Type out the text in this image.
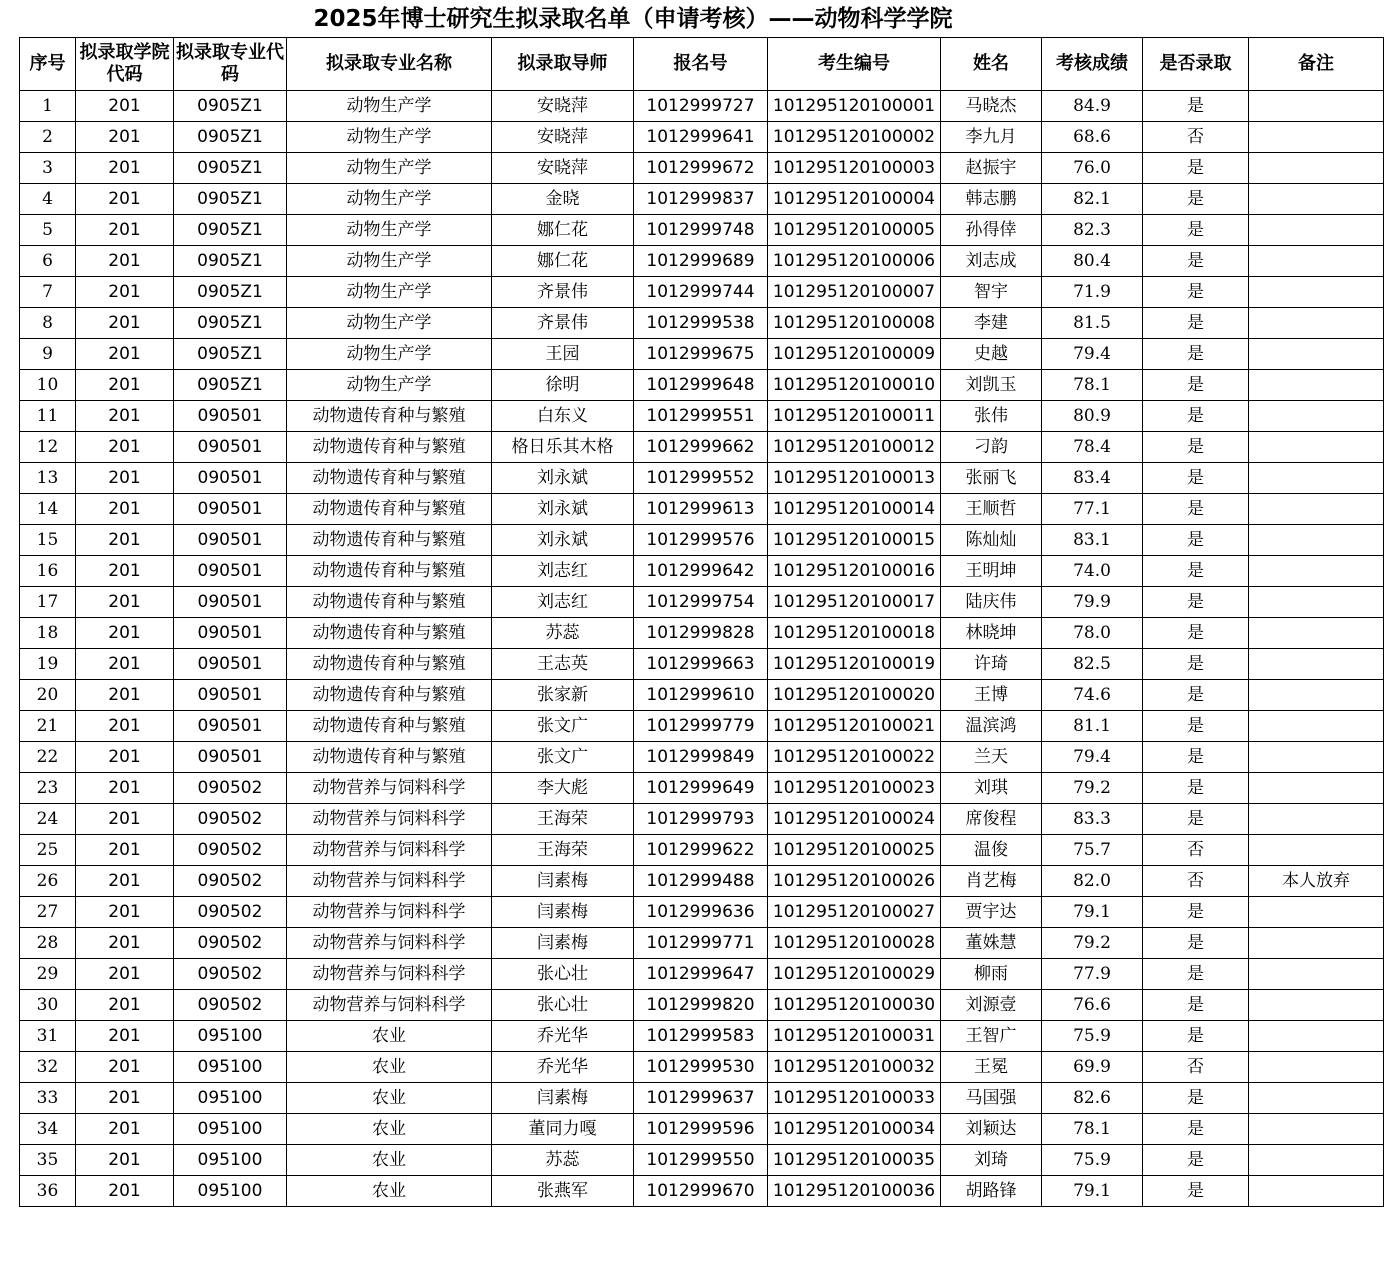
2025年博士研究生拟录取名单（申请考核）——动物科学学院
序号	拟录取学院代码	拟录取专业代码	拟录取专业名称	拟录取导师	报名号	考生编号	姓名	考核成绩	是否录取	备注
1	201	0905Z1	动物生产学	安晓萍	1012999727	101295120100001	马晓杰	84.9	是	
2	201	0905Z1	动物生产学	安晓萍	1012999641	101295120100002	李九月	68.6	否	
3	201	0905Z1	动物生产学	安晓萍	1012999672	101295120100003	赵振宇	76.0	是	
4	201	0905Z1	动物生产学	金晓	1012999837	101295120100004	韩志鹏	82.1	是	
5	201	0905Z1	动物生产学	娜仁花	1012999748	101295120100005	孙得倖	82.3	是	
6	201	0905Z1	动物生产学	娜仁花	1012999689	101295120100006	刘志成	80.4	是	
7	201	0905Z1	动物生产学	齐景伟	1012999744	101295120100007	智宇	71.9	是	
8	201	0905Z1	动物生产学	齐景伟	1012999538	101295120100008	李建	81.5	是	
9	201	0905Z1	动物生产学	王园	1012999675	101295120100009	史越	79.4	是	
10	201	0905Z1	动物生产学	徐明	1012999648	101295120100010	刘凯玉	78.1	是	
11	201	090501	动物遗传育种与繁殖	白东义	1012999551	101295120100011	张伟	80.9	是	
12	201	090501	动物遗传育种与繁殖	格日乐其木格	1012999662	101295120100012	刁韵	78.4	是	
13	201	090501	动物遗传育种与繁殖	刘永斌	1012999552	101295120100013	张丽飞	83.4	是	
14	201	090501	动物遗传育种与繁殖	刘永斌	1012999613	101295120100014	王顺哲	77.1	是	
15	201	090501	动物遗传育种与繁殖	刘永斌	1012999576	101295120100015	陈灿灿	83.1	是	
16	201	090501	动物遗传育种与繁殖	刘志红	1012999642	101295120100016	王明坤	74.0	是	
17	201	090501	动物遗传育种与繁殖	刘志红	1012999754	101295120100017	陆庆伟	79.9	是	
18	201	090501	动物遗传育种与繁殖	苏蕊	1012999828	101295120100018	林晓坤	78.0	是	
19	201	090501	动物遗传育种与繁殖	王志英	1012999663	101295120100019	许琦	82.5	是	
20	201	090501	动物遗传育种与繁殖	张家新	1012999610	101295120100020	王博	74.6	是	
21	201	090501	动物遗传育种与繁殖	张文广	1012999779	101295120100021	温滨鸿	81.1	是	
22	201	090501	动物遗传育种与繁殖	张文广	1012999849	101295120100022	兰天	79.4	是	
23	201	090502	动物营养与饲料科学	李大彪	1012999649	101295120100023	刘琪	79.2	是	
24	201	090502	动物营养与饲料科学	王海荣	1012999793	101295120100024	席俊程	83.3	是	
25	201	090502	动物营养与饲料科学	王海荣	1012999622	101295120100025	温俊	75.7	否	
26	201	090502	动物营养与饲料科学	闫素梅	1012999488	101295120100026	肖艺梅	82.0	否	本人放弃
27	201	090502	动物营养与饲料科学	闫素梅	1012999636	101295120100027	贾宇达	79.1	是	
28	201	090502	动物营养与饲料科学	闫素梅	1012999771	101295120100028	董姝慧	79.2	是	
29	201	090502	动物营养与饲料科学	张心壮	1012999647	101295120100029	柳雨	77.9	是	
30	201	090502	动物营养与饲料科学	张心壮	1012999820	101295120100030	刘源壹	76.6	是	
31	201	095100	农业	乔光华	1012999583	101295120100031	王智广	75.9	是	
32	201	095100	农业	乔光华	1012999530	101295120100032	王冕	69.9	否	
33	201	095100	农业	闫素梅	1012999637	101295120100033	马国强	82.6	是	
34	201	095100	农业	董同力嘎	1012999596	101295120100034	刘颖达	78.1	是	
35	201	095100	农业	苏蕊	1012999550	101295120100035	刘琦	75.9	是	
36	201	095100	农业	张燕军	1012999670	101295120100036	胡路锋	79.1	是	
